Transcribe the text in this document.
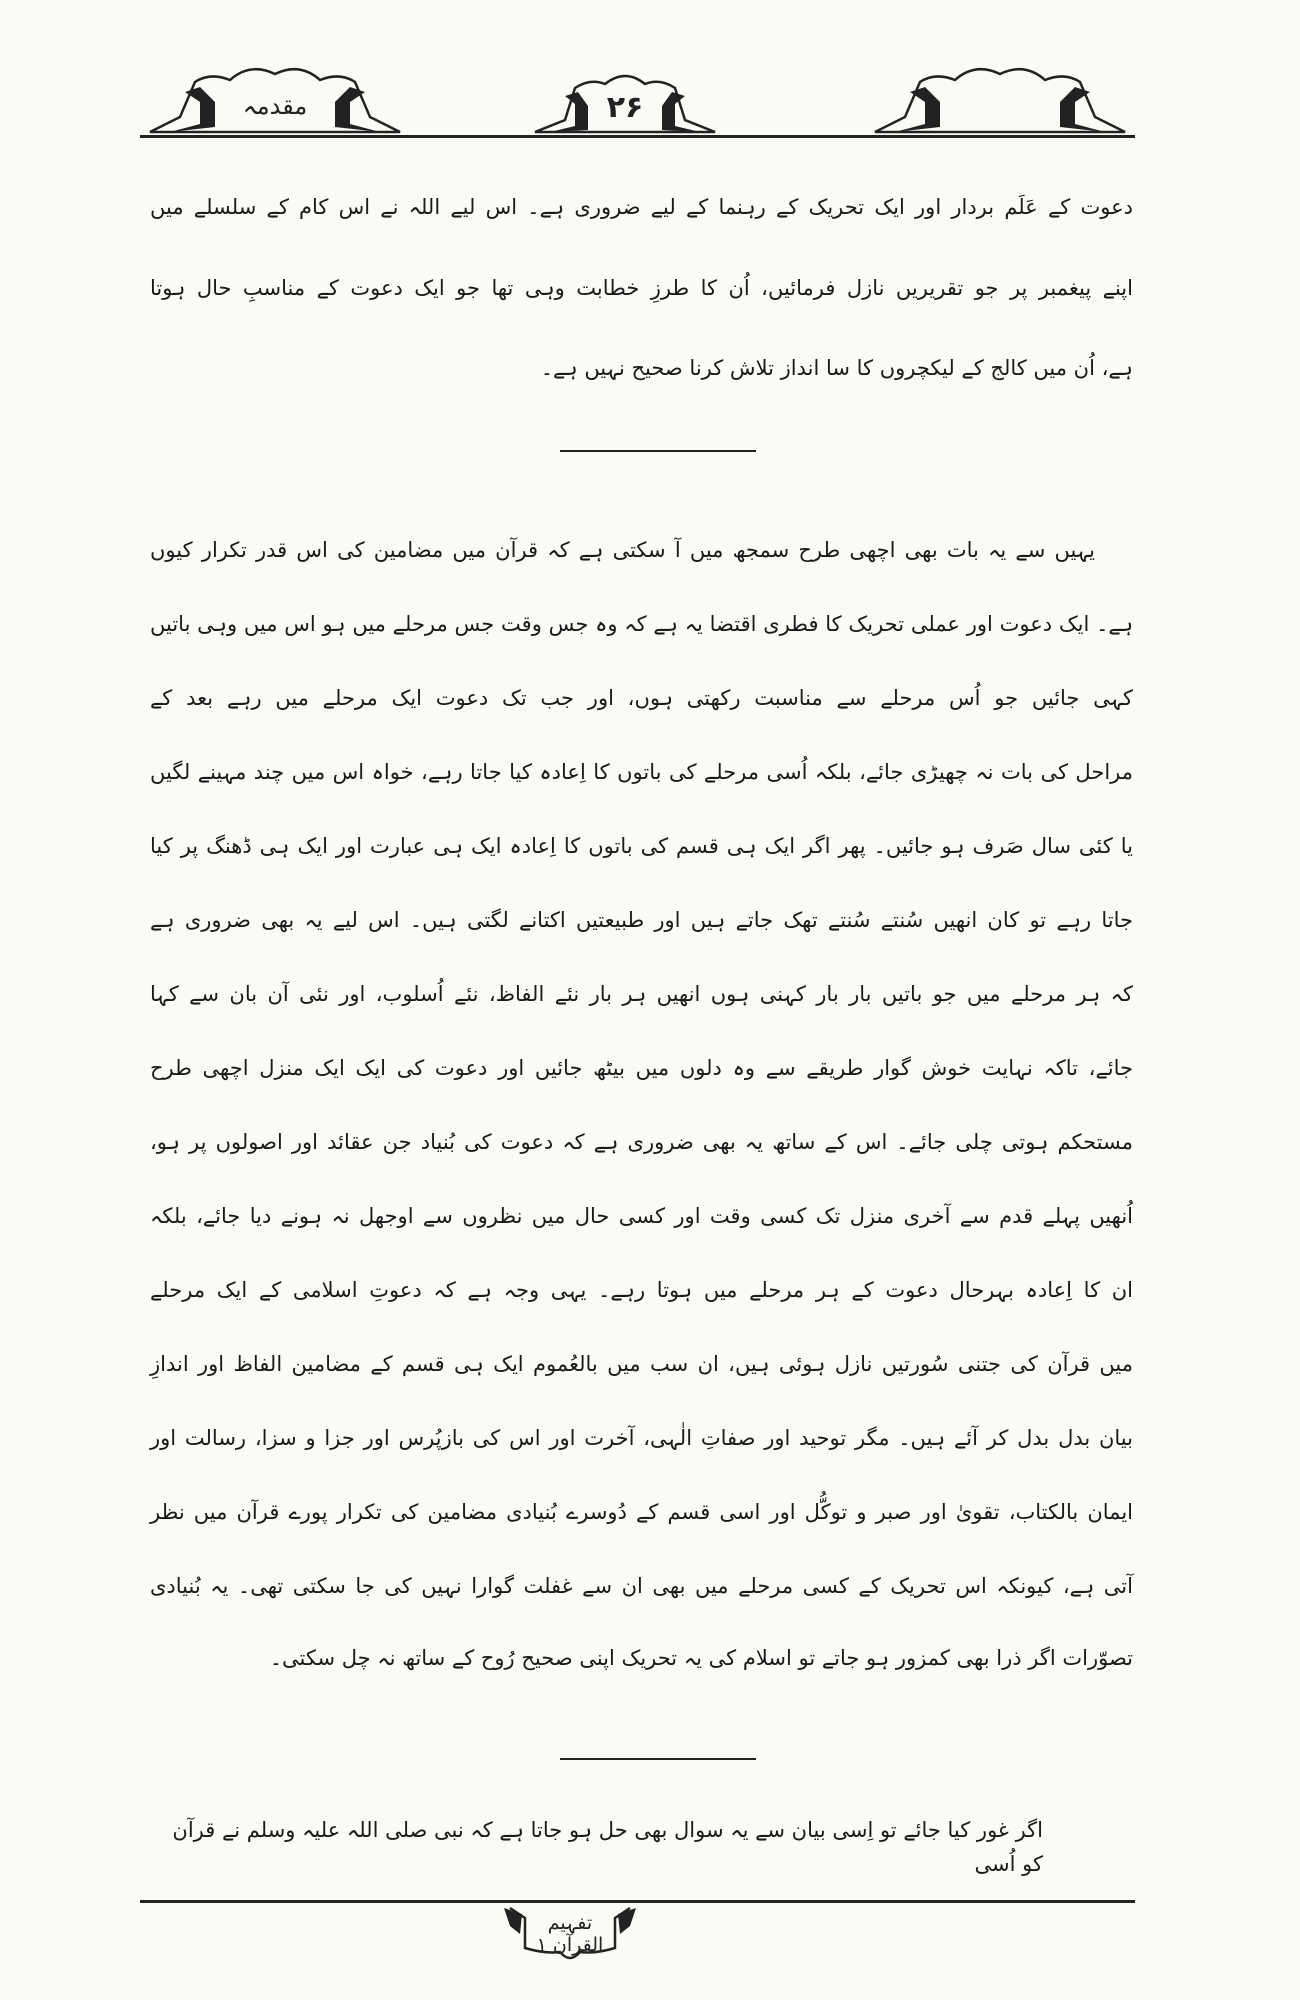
مقدمہ	۲۶
دعوت کے عَلَم بردار اور ایک تحریک کے رہنما کے لیے ضروری ہے۔ اس لیے اللہ نے اس کام کے سلسلے میں
اپنے پیغمبر پر جو تقریریں نازل فرمائیں، اُن کا طرزِ خطابت وہی تھا جو ایک دعوت کے مناسبِ حال ہوتا
ہے، اُن میں کالج کے لیکچروں کا سا انداز تلاش کرنا صحیح نہیں ہے۔
یہیں سے یہ بات بھی اچھی طرح سمجھ میں آ سکتی ہے کہ قرآن میں مضامین کی اس قدر تکرار کیوں
ہے۔ ایک دعوت اور عملی تحریک کا فطری اقتضا یہ ہے کہ وہ جس وقت جس مرحلے میں ہو اس میں وہی باتیں
کہی جائیں جو اُس مرحلے سے مناسبت رکھتی ہوں، اور جب تک دعوت ایک مرحلے میں رہے بعد کے
مراحل کی بات نہ چھیڑی جائے، بلکہ اُسی مرحلے کی باتوں کا اِعادہ کیا جاتا رہے، خواہ اس میں چند مہینے لگیں
یا کئی سال صَرف ہو جائیں۔ پھر اگر ایک ہی قسم کی باتوں کا اِعادہ ایک ہی عبارت اور ایک ہی ڈھنگ پر کیا
جاتا رہے تو کان انھیں سُنتے سُنتے تھک جاتے ہیں اور طبیعتیں اکتانے لگتی ہیں۔ اس لیے یہ بھی ضروری ہے
کہ ہر مرحلے میں جو باتیں بار بار کہنی ہوں انھیں ہر بار نئے الفاظ، نئے اُسلوب، اور نئی آن بان سے کہا
جائے، تاکہ نہایت خوش گوار طریقے سے وہ دلوں میں بیٹھ جائیں اور دعوت کی ایک ایک منزل اچھی طرح
مستحکم ہوتی چلی جائے۔ اس کے ساتھ یہ بھی ضروری ہے کہ دعوت کی بُنیاد جن عقائد اور اصولوں پر ہو،
اُنھیں پہلے قدم سے آخری منزل تک کسی وقت اور کسی حال میں نظروں سے اوجھل نہ ہونے دیا جائے، بلکہ
ان کا اِعادہ بہرحال دعوت کے ہر مرحلے میں ہوتا رہے۔ یہی وجہ ہے کہ دعوتِ اسلامی کے ایک مرحلے
میں قرآن کی جتنی سُورتیں نازل ہوئی ہیں، ان سب میں بالعُموم ایک ہی قسم کے مضامین الفاظ اور اندازِ
بیان بدل بدل کر آئے ہیں۔ مگر توحید اور صفاتِ الٰہی، آخرت اور اس کی بازپُرس اور جزا و سزا، رسالت اور
ایمان بالکتاب، تقویٰ اور صبر و توکُّل اور اسی قسم کے دُوسرے بُنیادی مضامین کی تکرار پورے قرآن میں نظر
آتی ہے، کیونکہ اس تحریک کے کسی مرحلے میں بھی ان سے غفلت گوارا نہیں کی جا سکتی تھی۔ یہ بُنیادی
تصوّرات اگر ذرا بھی کمزور ہو جاتے تو اسلام کی یہ تحریک اپنی صحیح رُوح کے ساتھ نہ چل سکتی۔
اگر غور کیا جائے تو اِسی بیان سے یہ سوال بھی حل ہو جاتا ہے کہ نبی صلی اللہ علیہ وسلم نے قرآن کو اُسی
تفہیم القرآن ۱
